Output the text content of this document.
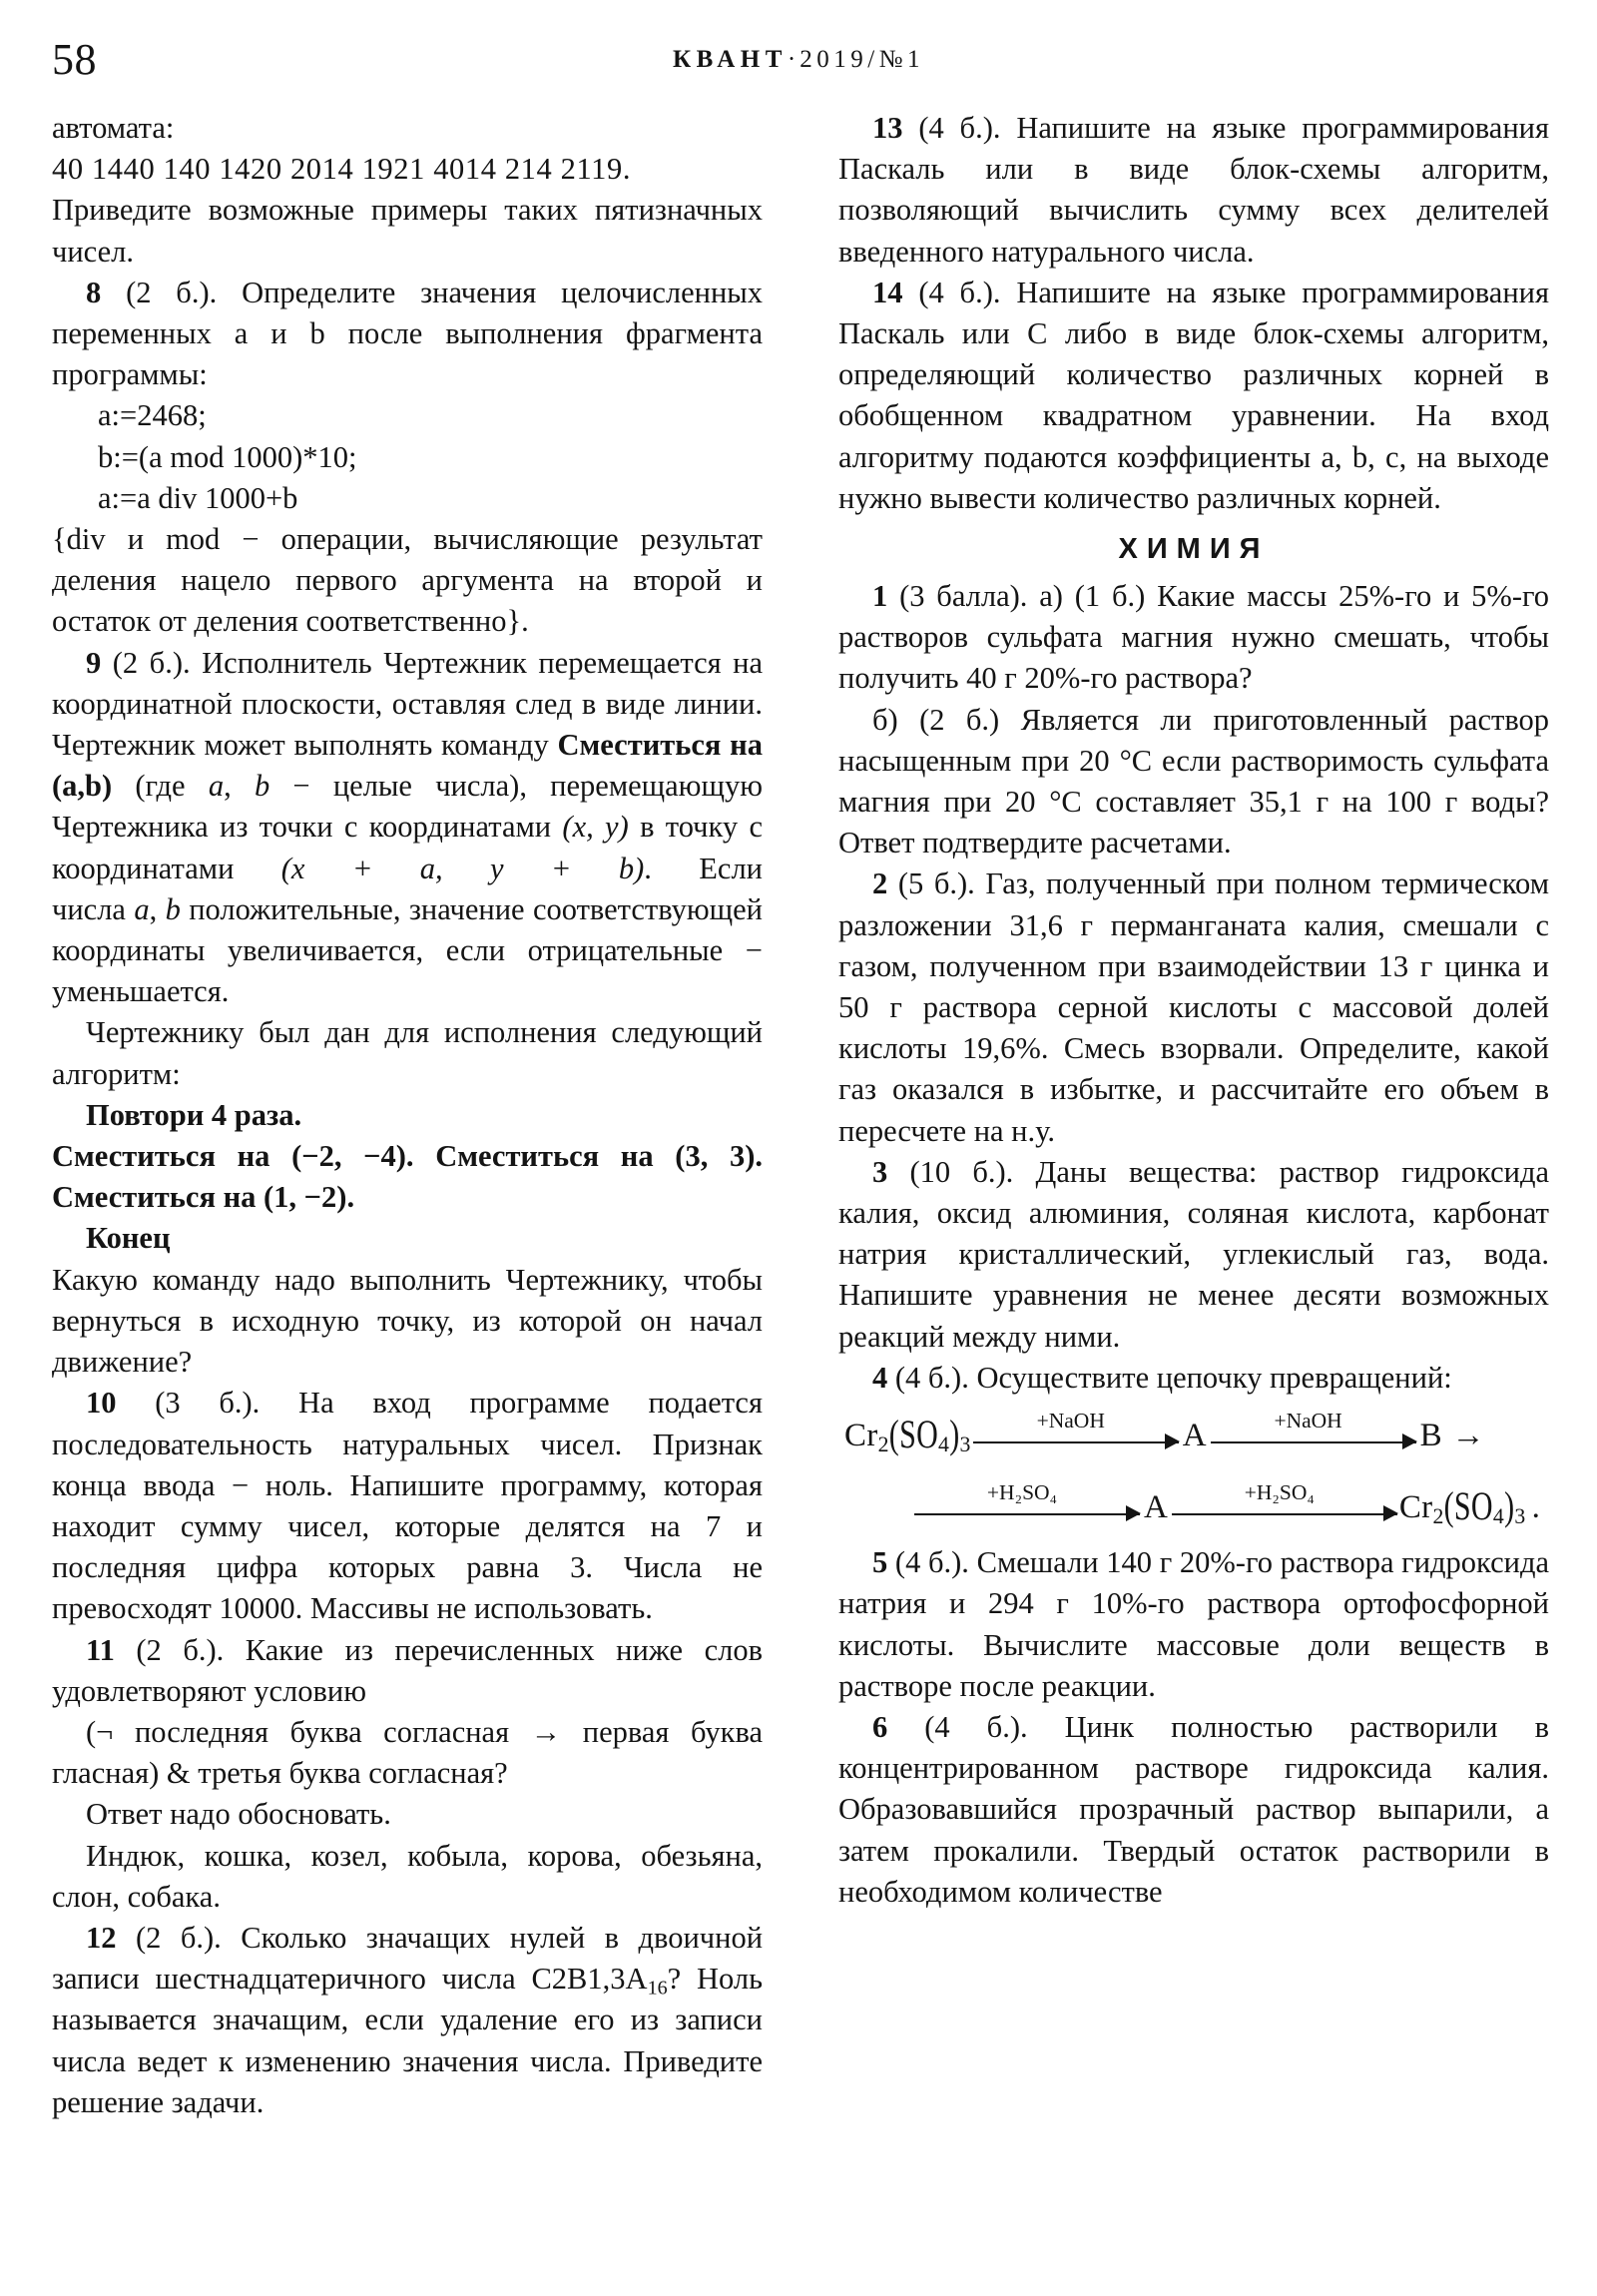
58	КВАНТ·2019/№1

автомата:

40 1440 140 1420 2014 1921 4014 214 2119.

Приведите возможные примеры таких пятизначных чисел.

8 (2 б.). Определите значения целочисленных переменных a и b после выполнения фрагмента программы:

a:=2468;

b:=(a mod 1000)*10;

a:=a div 1000+b

{div и mod − операции, вычисляющие результат деления нацело первого аргумента на второй и остаток от деления соответственно}.

9 (2 б.). Исполнитель Чертежник перемещается на координатной плоскости, оставляя след в виде линии. Чертежник может выполнять команду Сместиться на (a,b) (где a, b − целые числа), перемещающую Чертежника из точки с координатами (x, y) в точку с координатами (x + a, y + b). Если числа a, b положительные, значение соответствующей координаты увеличивается, если отрицательные − уменьшается.

Чертежнику был дан для исполнения следующий алгоритм:

Повтори 4 раза.

Сместиться на (−2, −4). Сместиться на (3, 3). Сместиться на (1, −2).

Конец

Какую команду надо выполнить Чертежнику, чтобы вернуться в исходную точку, из которой он начал движение?

10 (3 б.). На вход программе подается последовательность натуральных чисел. Признак конца ввода − ноль. Напишите программу, которая находит сумму чисел, которые делятся на 7 и последняя цифра которых равна 3. Числа не превосходят 10000. Массивы не использовать.

11 (2 б.). Какие из перечисленных ниже слов удовлетворяют условию

(¬ последняя буква согласная → первая буква гласная) & третья буква согласная?

Ответ надо обосновать.

Индюк, кошка, козел, кобыла, корова, обезьяна, слон, собака.

12 (2 б.). Сколько значащих нулей в двоичной записи шестнадцатеричного числа $C2B1,3A_{16}$? Ноль называется значащим, если удаление его из записи числа ведет к изменению значения числа. Приведите решение задачи.

13 (4 б.). Напишите на языке программирования Паскаль или в виде блок-схемы алгоритм, позволяющий вычислить сумму всех делителей введенного натурального числа.

14 (4 б.). Напишите на языке программирования Паскаль или C либо в виде блок-схемы алгоритм, определяющий количество различных корней в обобщенном квадратном уравнении. На вход алгоритму подаются коэффициенты a, b, c, на выходе нужно вывести количество различных корней.

ХИМИЯ

1 (3 балла). а) (1 б.) Какие массы 25%-го и 5%-го растворов сульфата магния нужно смешать, чтобы получить 40 г 20%-го раствора?

б) (2 б.) Является ли приготовленный раствор насыщенным при 20 °C если растворимость сульфата магния при 20 °C составляет 35,1 г на 100 г воды? Ответ подтвердите расчетами.

2 (5 б.). Газ, полученный при полном термическом разложении 31,6 г перманганата калия, смешали с газом, полученном при взаимодействии 13 г цинка и 50 г раствора серной кислоты с массовой долей кислоты 19,6%. Смесь взорвали. Определите, какой газ оказался в избытке, и рассчитайте его объем в пересчете на н.у.

3 (10 б.). Даны вещества: раствор гидроксида калия, оксид алюминия, соляная кислота, карбонат натрия кристаллический, углекислый газ, вода. Напишите уравнения не менее десяти возможных реакций между ними.

4 (4 б.). Осуществите цепочку превращений:

$Cr_2(SO_4)_3$
+NaOH	A	+NaOH	B →
+H₂SO₄	A	+H₂SO₄	$Cr_2(SO_4)_3$ .

5 (4 б.). Смешали 140 г 20%-го раствора гидроксида натрия и 294 г 10%-го раствора ортофосфорной кислоты. Вычислите массовые доли веществ в растворе после реакции.

6 (4 б.). Цинк полностью растворили в концентрированном растворе гидроксида калия. Образовавшийся прозрачный раствор выпарили, а затем прокалили. Твердый остаток растворили в необходимом количестве
